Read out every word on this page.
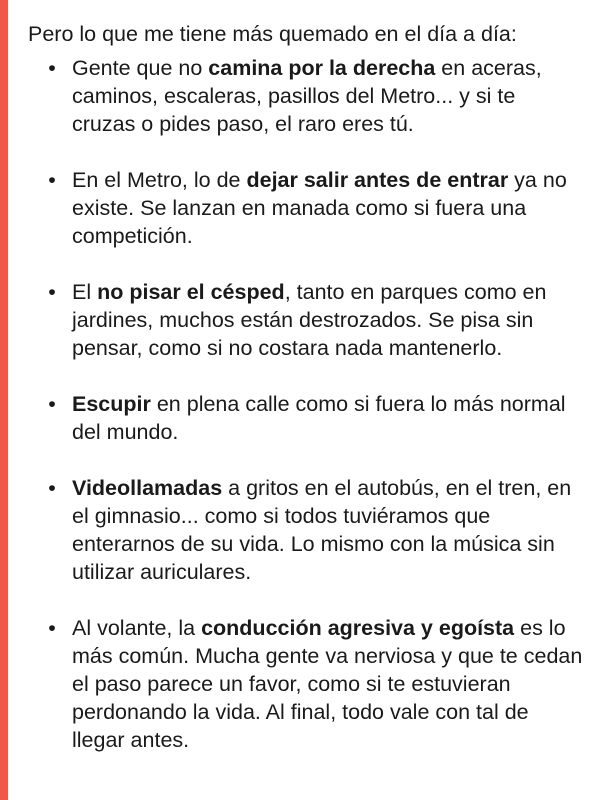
Pero lo que me tiene más quemado en el día a día:

• Gente que no camina por la derecha en aceras, caminos, escaleras, pasillos del Metro... y si te cruzas o pides paso, el raro eres tú.
• En el Metro, lo de dejar salir antes de entrar ya no existe. Se lanzan en manada como si fuera una competición.
• El no pisar el césped, tanto en parques como en jardines, muchos están destrozados. Se pisa sin pensar, como si no costara nada mantenerlo.
• Escupir en plena calle como si fuera lo más normal del mundo.
• Videollamadas a gritos en el autobús, en el tren, en el gimnasio... como si todos tuviéramos que enterarnos de su vida. Lo mismo con la música sin utilizar auriculares.
• Al volante, la conducción agresiva y egoísta es lo más común. Mucha gente va nerviosa y que te cedan el paso parece un favor, como si te estuvieran perdonando la vida. Al final, todo vale con tal de llegar antes.
